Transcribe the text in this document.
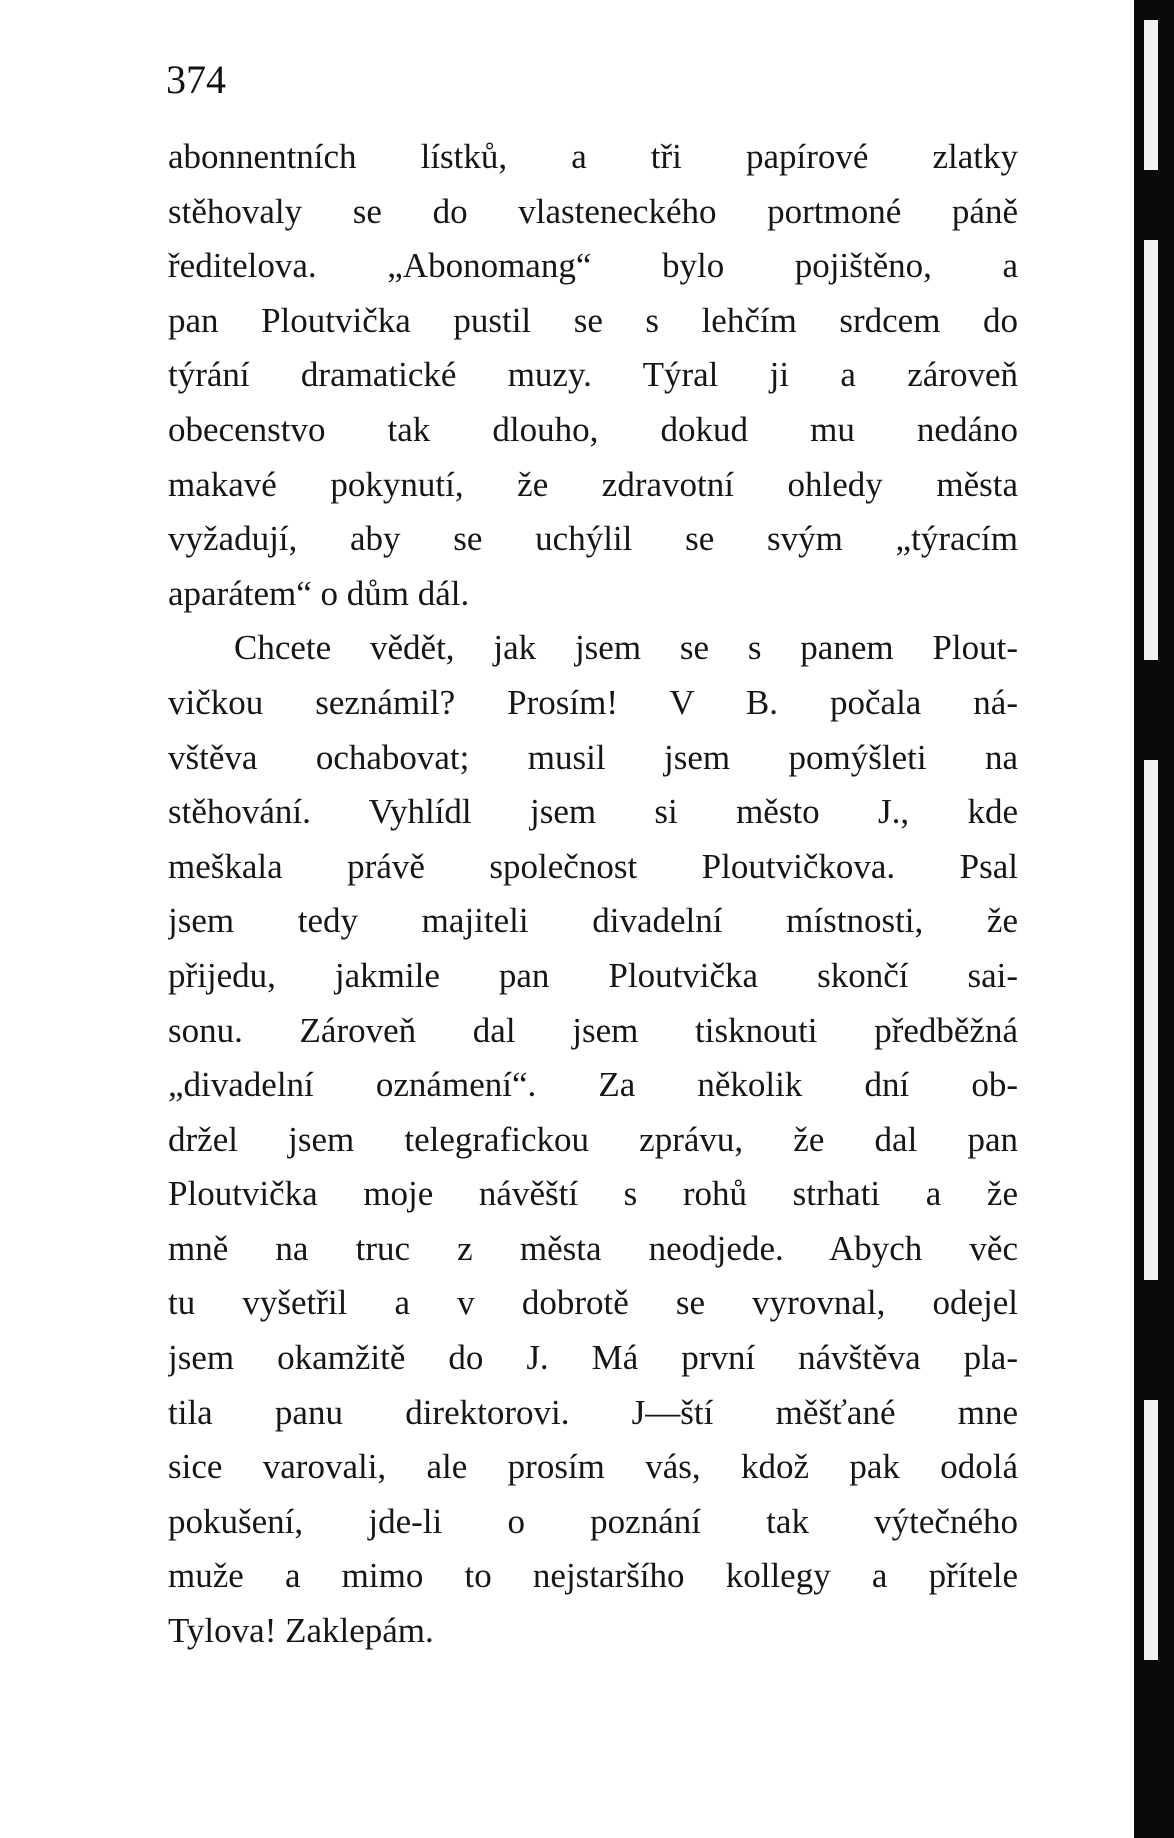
374
abonnentních lístků, a tři papírové zlatky
stěhovaly se do vlasteneckého portmoné páně
ředitelova. „Abonomang“ bylo pojištěno, a
pan Ploutvička pustil se s lehčím srdcem do
týrání dramatické muzy. Týral ji a zároveň
obecenstvo tak dlouho, dokud mu nedáno
makavé pokynutí, že zdravotní ohledy města
vyžadují, aby se uchýlil se svým „týracím
aparátem“ o dům dál.
Chcete vědět, jak jsem se s panem Plout-
vičkou seznámil? Prosím! V B. počala ná-
vštěva ochabovat; musil jsem pomýšleti na
stěhování. Vyhlídl jsem si město J., kde
meškala právě společnost Ploutvičkova. Psal
jsem tedy majiteli divadelní místnosti, že
přijedu, jakmile pan Ploutvička skončí sai-
sonu. Zároveň dal jsem tisknouti předběžná
„divadelní oznámení“. Za několik dní ob-
držel jsem telegrafickou zprávu, že dal pan
Ploutvička moje návěští s rohů strhati a že
mně na truc z města neodjede. Abych věc
tu vyšetřil a v dobrotě se vyrovnal, odejel
jsem okamžitě do J. Má první návštěva pla-
tila panu direktorovi. J—ští měšťané mne
sice varovali, ale prosím vás, kdož pak odolá
pokušení, jde-li o poznání tak výtečného
muže a mimo to nejstaršího kollegy a přítele
Tylova! Zaklepám.
